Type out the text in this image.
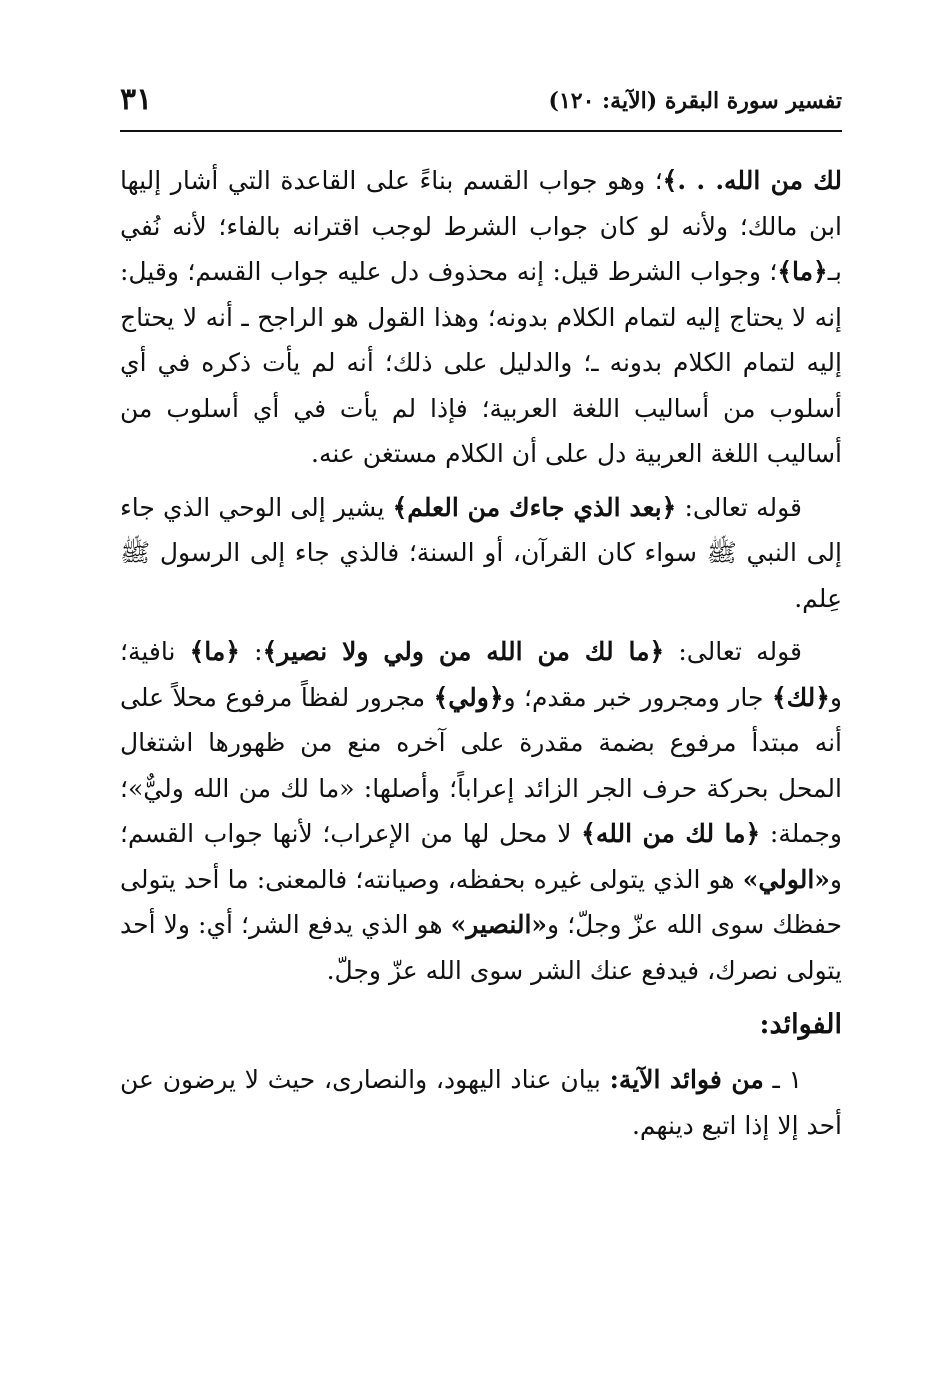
تفسير سورة البقرة (الآية: ١٢٠)
٣١

لك من الله. . .﴾؛ وهو جواب القسم بناءً على القاعدة التي أشار إليها ابن مالك؛ ولأنه لو كان جواب الشرط لوجب اقترانه بالفاء؛ لأنه نُفي بـ﴿ما﴾؛ وجواب الشرط قيل: إنه محذوف دل عليه جواب القسم؛ وقيل: إنه لا يحتاج إليه لتمام الكلام بدونه؛ وهذا القول هو الراجح ـ أنه لا يحتاج إليه لتمام الكلام بدونه ـ؛ والدليل على ذلك؛ أنه لم يأت ذكره في أي أسلوب من أساليب اللغة العربية؛ فإذا لم يأت في أي أسلوب من أساليب اللغة العربية دل على أن الكلام مستغن عنه.

قوله تعالى: ﴿بعد الذي جاءك من العلم﴾ يشير إلى الوحي الذي جاء إلى النبي ﷺ سواء كان القرآن، أو السنة؛ فالذي جاء إلى الرسول ﷺ عِلم.

قوله تعالى: ﴿ما لك من الله من ولي ولا نصير﴾: ﴿ما﴾ نافية؛ و﴿لك﴾ جار ومجرور خبر مقدم؛ و﴿ولي﴾ مجرور لفظاً مرفوع محلاً على أنه مبتدأ مرفوع بضمة مقدرة على آخره منع من ظهورها اشتغال المحل بحركة حرف الجر الزائد إعراباً؛ وأصلها: «ما لك من الله وليٌّ»؛ وجملة: ﴿ما لك من الله﴾ لا محل لها من الإعراب؛ لأنها جواب القسم؛ و«الولي» هو الذي يتولى غيره بحفظه، وصيانته؛ فالمعنى: ما أحد يتولى حفظك سوى الله عزّ وجلّ؛ و«النصير» هو الذي يدفع الشر؛ أي: ولا أحد يتولى نصرك، فيدفع عنك الشر سوى الله عزّ وجلّ.

الفوائد:

١ ـ من فوائد الآية: بيان عناد اليهود، والنصارى، حيث لا يرضون عن أحد إلا إذا اتبع دينهم.
